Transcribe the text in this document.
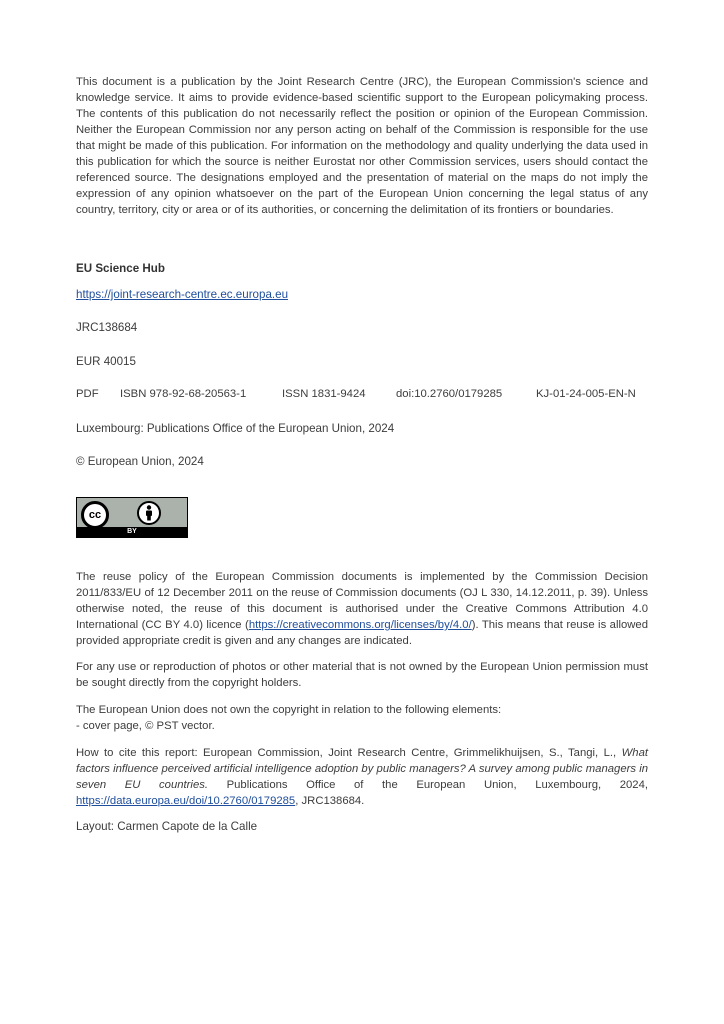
This document is a publication by the Joint Research Centre (JRC), the European Commission's science and knowledge service. It aims to provide evidence-based scientific support to the European policymaking process. The contents of this publication do not necessarily reflect the position or opinion of the European Commission. Neither the European Commission nor any person acting on behalf of the Commission is responsible for the use that might be made of this publication. For information on the methodology and quality underlying the data used in this publication for which the source is neither Eurostat nor other Commission services, users should contact the referenced source. The designations employed and the presentation of material on the maps do not imply the expression of any opinion whatsoever on the part of the European Union concerning the legal status of any country, territory, city or area or of its authorities, or concerning the delimitation of its frontiers or boundaries.

EU Science Hub
https://joint-research-centre.ec.europa.eu
JRC138684
EUR 40015
PDF ISBN 978-92-68-20563-1	ISSN 1831-9424	doi:10.2760/0179285	KJ-01-24-005-EN-N
Luxembourg: Publications Office of the European Union, 2024
© European Union, 2024
cc
BY

The reuse policy of the European Commission documents is implemented by the Commission Decision 2011/833/EU of 12 December 2011 on the reuse of Commission documents (OJ L 330, 14.12.2011, p. 39). Unless otherwise noted, the reuse of this document is authorised under the Creative Commons Attribution 4.0 International (CC BY 4.0) licence (https://creativecommons.org/licenses/by/4.0/). This means that reuse is allowed provided appropriate credit is given and any changes are indicated.

For any use or reproduction of photos or other material that is not owned by the European Union permission must be sought directly from the copyright holders.

The European Union does not own the copyright in relation to the following elements:
- cover page, © PST vector.

How to cite this report: European Commission, Joint Research Centre, Grimmelikhuijsen, S., Tangi, L., What factors influence perceived artificial intelligence adoption by public managers? A survey among public managers in seven EU countries. Publications Office of the European Union, Luxembourg, 2024, https://data.europa.eu/doi/10.2760/0179285, JRC138684.

Layout: Carmen Capote de la Calle
